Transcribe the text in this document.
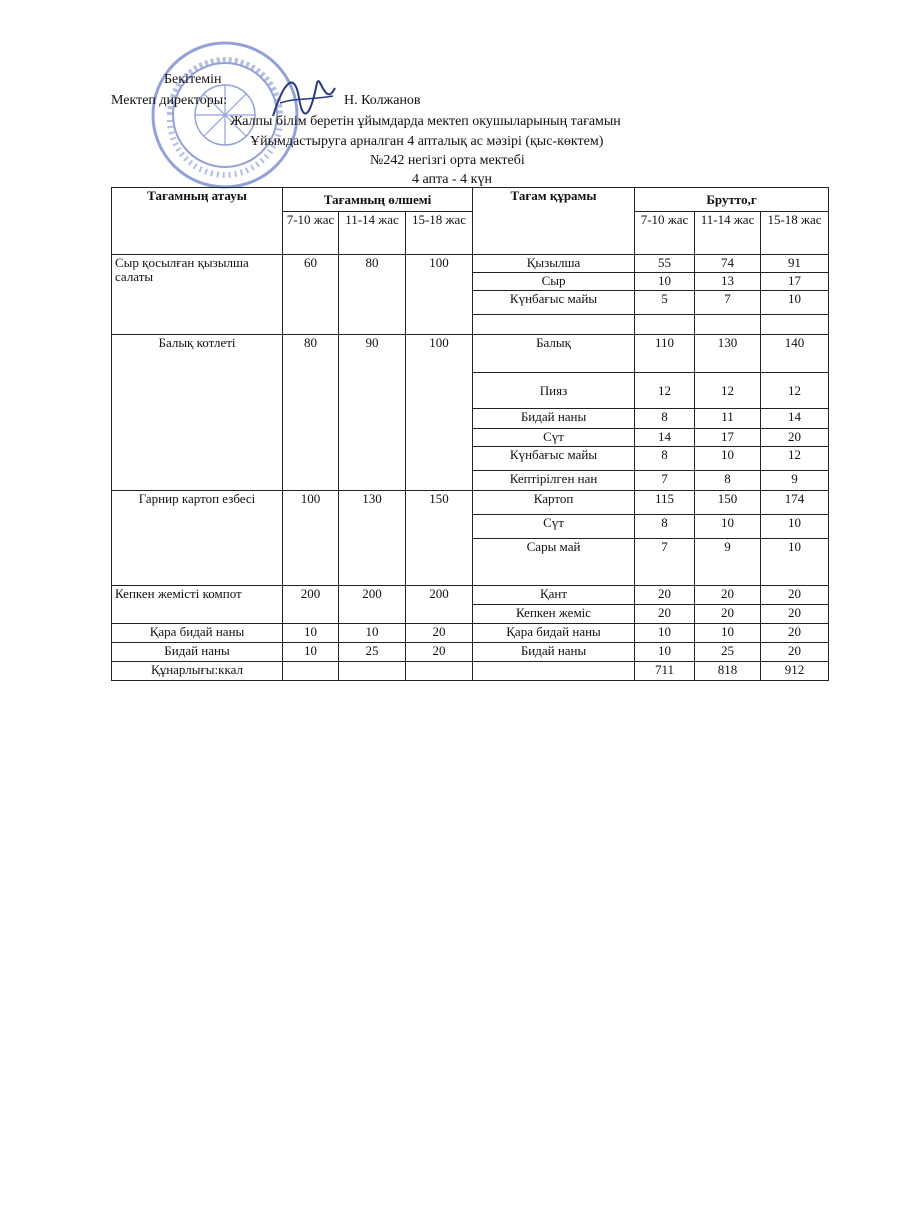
Бекітемін
Мектеп директоры:	Н. Колжанов
Жалпы білім беретін ұйымдарда мектеп окушыларының тағамын
Ұйымдастыруга арналган 4 апталық ас мәзірі (қыс-көктем)
№242 негізгі орта мектебі
4 апта - 4 күн
Тағамның атауы	Тағамның өлшемі			Тағам құрамы	Брутто,г		
	7-10 жас	11-14 жас	15-18 жас		7-10 жас	11-14 жас	15-18 жас
Сыр қосылған қызылша салаты	60	80	100	Қызылша	55	74	91
				Сыр	10	13	17
				Күнбағыс майы	5	7	10

Балық котлеті	80	90	100	Балық	110	130	140
				Пияз	12	12	12
				Бидай наны	8	11	14
				Сүт	14	17	20
				Күнбағыс майы	8	10	12
				Кептірілген нан	7	8	9
Гарнир картоп езбесі	100	130	150	Картоп	115	150	174
				Сүт	8	10	10
				Сары май	7	9	10
Кепкен жемісті компот	200	200	200	Қант	20	20	20
				Кепкен жеміс	20	20	20
Қара бидай наны	10	10	20	Қара бидай наны	10	10	20
Бидай наны	10	25	20	Бидай наны	10	25	20
Құнарлығы:ккал					711	818	912
